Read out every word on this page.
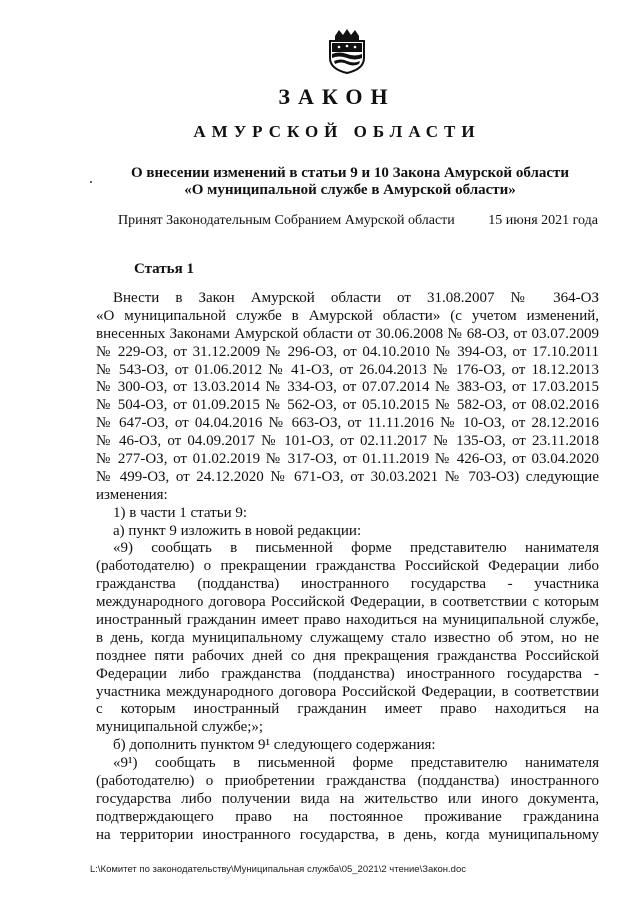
ЗАКОН
АМУРСКОЙ ОБЛАСТИ
О внесении изменений в статьи 9 и 10 Закона Амурской области
«О муниципальной службе в Амурской области»
Принят Законодательным Собранием Амурской области 15 июня 2021 года
Статья 1
Внести в Закон Амурской области от 31.08.2007 № 364-ОЗ
«О муниципальной службе в Амурской области» (с учетом изменений,
внесенных Законами Амурской области от 30.06.2008 № 68-ОЗ, от 03.07.2009
№ 229-ОЗ, от 31.12.2009 № 296-ОЗ, от 04.10.2010 № 394-ОЗ, от 17.10.2011
№ 543-ОЗ, от 01.06.2012 № 41-ОЗ, от 26.04.2013 № 176-ОЗ, от 18.12.2013
№ 300-ОЗ, от 13.03.2014 № 334-ОЗ, от 07.07.2014 № 383-ОЗ, от 17.03.2015
№ 504-ОЗ, от 01.09.2015 № 562-ОЗ, от 05.10.2015 № 582-ОЗ, от 08.02.2016
№ 647-ОЗ, от 04.04.2016 № 663-ОЗ, от 11.11.2016 № 10-ОЗ, от 28.12.2016
№ 46-ОЗ, от 04.09.2017 № 101-ОЗ, от 02.11.2017 № 135-ОЗ, от 23.11.2018
№ 277-ОЗ, от 01.02.2019 № 317-ОЗ, от 01.11.2019 № 426-ОЗ, от 03.04.2020
№ 499-ОЗ, от 24.12.2020 № 671-ОЗ, от 30.03.2021 № 703-ОЗ) следующие
изменения:
1) в части 1 статьи 9:
а) пункт 9 изложить в новой редакции:
«9) сообщать в письменной форме представителю нанимателя
(работодателю) о прекращении гражданства Российской Федерации либо
гражданства (подданства) иностранного государства - участника
международного договора Российской Федерации, в соответствии с которым
иностранный гражданин имеет право находиться на муниципальной службе,
в день, когда муниципальному служащему стало известно об этом, но не
позднее пяти рабочих дней со дня прекращения гражданства Российской
Федерации либо гражданства (подданства) иностранного государства -
участника международного договора Российской Федерации, в соответствии
с которым иностранный гражданин имеет право находиться на
муниципальной службе;»;
б) дополнить пунктом 9¹ следующего содержания:
«9¹) сообщать в письменной форме представителю нанимателя
(работодателю) о приобретении гражданства (подданства) иностранного
государства либо получении вида на жительство или иного документа,
подтверждающего право на постоянное проживание гражданина
на территории иностранного государства, в день, когда муниципальному
L:\Комитет по законодательству\Муниципальная служба\05_2021\2 чтение\Закон.doc
